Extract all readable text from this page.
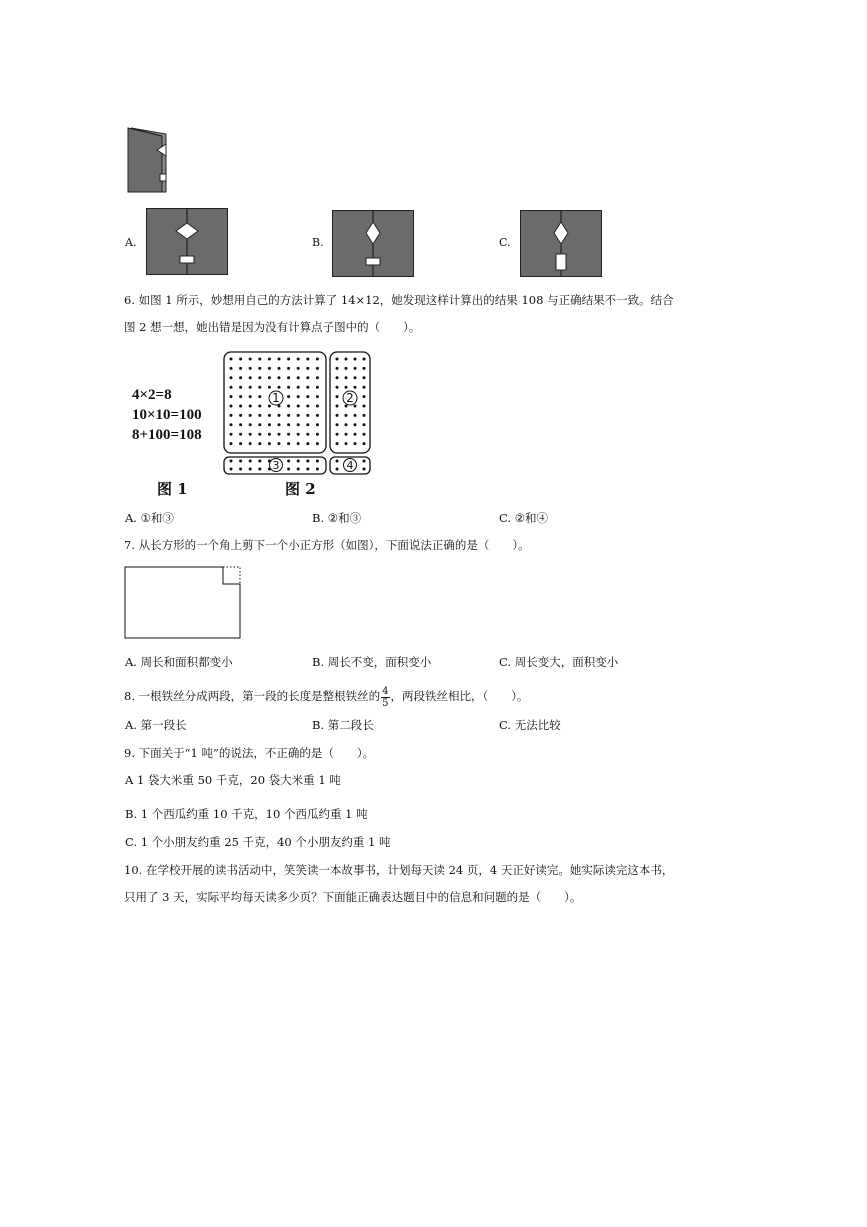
A.	B.	C.
6. 如图 1 所示，妙想用自己的方法计算了 14×12，她发现这样计算出的结果 108 与正确结果不一致。结合
图 2 想一想，她出错是因为没有计算点子图中的（　　）。
4×2=8
10×10=100
8+100=108
图 1
1	2
3	4
图 2
A. ①和③	B. ②和③	C. ②和④
7. 从长方形的一个角上剪下一个小正方形（如图），下面说法正确的是（　　）。
A. 周长和面积都变小	B. 周长不变，面积变小	C. 周长变大，面积变小
8. 一根铁丝分成两段，第一段的长度是整根铁丝的 $\frac{4}{5}$ ，两段铁丝相比，（　　）。
A. 第一段长	B. 第二段长	C. 无法比较
9. 下面关于“1 吨”的说法，不正确的是（　　）。
A 1 袋大米重 50 千克，20 袋大米重 1 吨
B. 1 个西瓜约重 10 千克，10 个西瓜约重 1 吨
C. 1 个小朋友约重 25 千克，40 个小朋友约重 1 吨
10. 在学校开展的读书活动中，笑笑读一本故事书，计划每天读 24 页，4 天正好读完。她实际读完这本书，
只用了 3 天，实际平均每天读多少页？下面能正确表达题目中的信息和问题的是（　　）。
